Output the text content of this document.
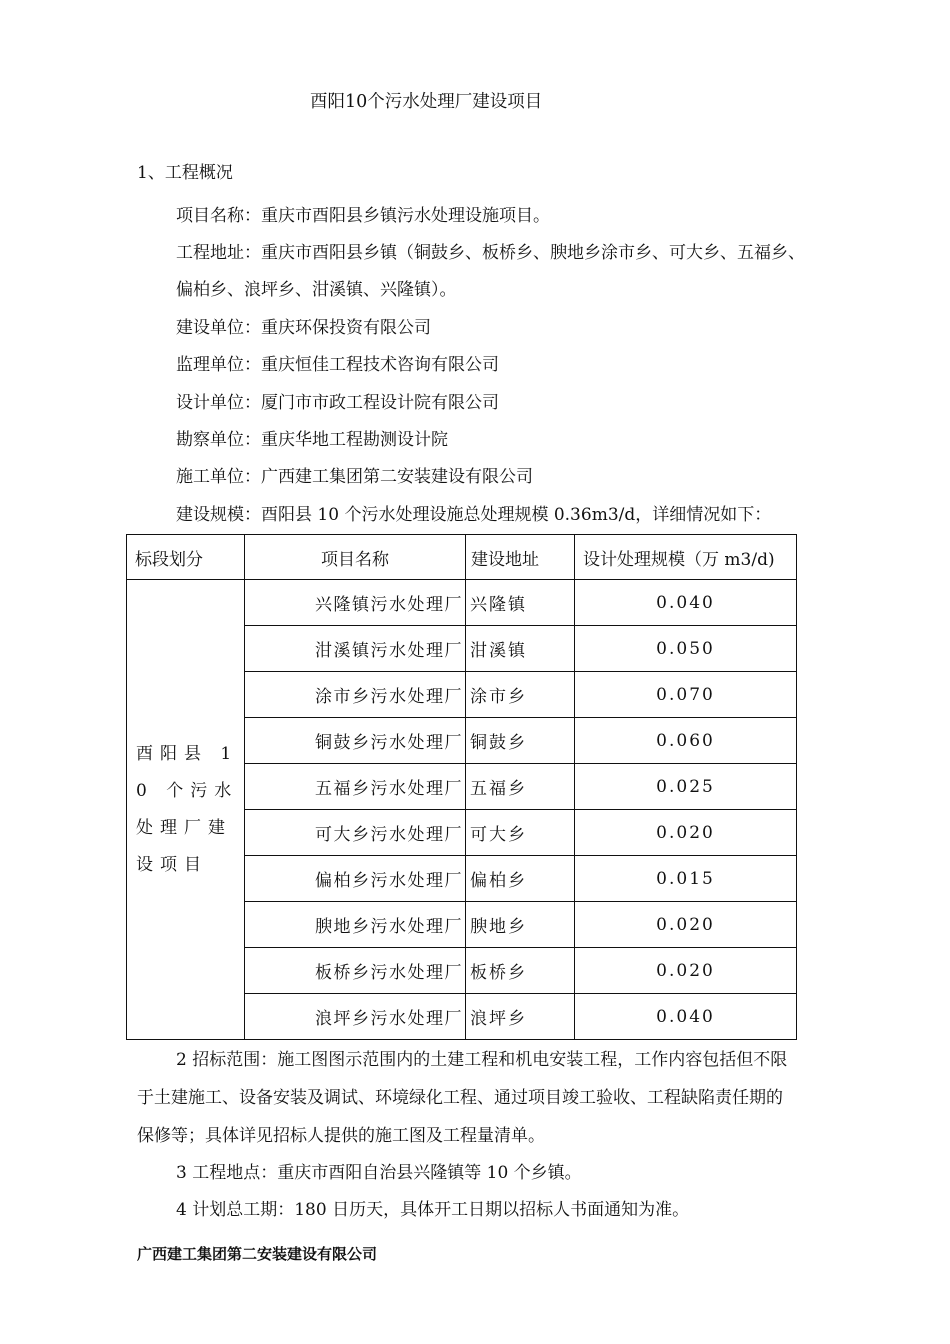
酉阳10个污水处理厂建设项目
1、工程概况
项目名称：重庆市酉阳县乡镇污水处理设施项目。
工程地址：重庆市酉阳县乡镇（铜鼓乡、板桥乡、腴地乡涂市乡、可大乡、五福乡、
偏柏乡、浪坪乡、泔溪镇、兴隆镇）。
建设单位：重庆环保投资有限公司
监理单位：重庆恒佳工程技术咨询有限公司
设计单位：厦门市市政工程设计院有限公司
勘察单位：重庆华地工程勘测设计院
施工单位：广西建工集团第二安装建设有限公司
建设规模：酉阳县 10 个污水处理设施总处理规模 0.36m3/d，详细情况如下：
标段划分	项目名称	建设地址	设计处理规模（万 m3/d)
酉阳县 10 个污水处理厂建设项目	兴隆镇污水处理厂	兴隆镇	0.040
	泔溪镇污水处理厂	泔溪镇	0.050
	涂市乡污水处理厂	涂市乡	0.070
	铜鼓乡污水处理厂	铜鼓乡	0.060
	五福乡污水处理厂	五福乡	0.025
	可大乡污水处理厂	可大乡	0.020
	偏柏乡污水处理厂	偏柏乡	0.015
	腴地乡污水处理厂	腴地乡	0.020
	板桥乡污水处理厂	板桥乡	0.020
	浪坪乡污水处理厂	浪坪乡	0.040
2 招标范围：施工图图示范围内的土建工程和机电安装工程，工作内容包括但不限
于土建施工、设备安装及调试、环境绿化工程、通过项目竣工验收、工程缺陷责任期的
保修等；具体详见招标人提供的施工图及工程量清单。
3 工程地点：重庆市酉阳自治县兴隆镇等 10 个乡镇。
4 计划总工期：180 日历天，具体开工日期以招标人书面通知为准。
广西建工集团第二安装建设有限公司
